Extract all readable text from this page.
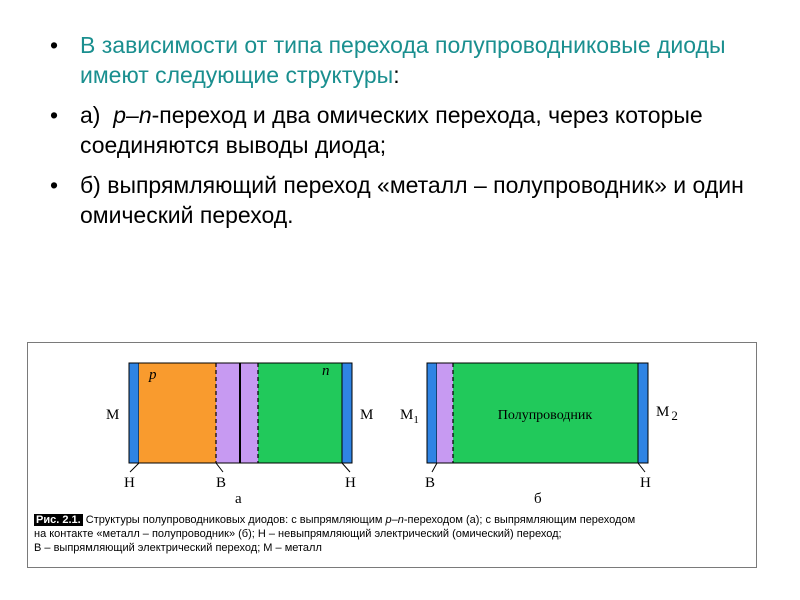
• В зависимости от типа перехода полупроводниковые диоды имеют следующие структуры:
• а)  p–n-переход и два омических перехода, через которые соединяются выводы диода;
• б) выпрямляющий переход «металл – полупроводник» и один омический переход.
p	n
М	М
Н	В	Н
а
$М_1$	М 2
Полупроводник
В	Н
б
Рис. 2.1. Структуры полупроводниковых диодов: с выпрямляющим p–n-переходом (а); с выпрямляющим переходом
на контакте «металл – полупроводник» (б); Н – невыпрямляющий электрический (омический) переход;
В – выпрямляющий электрический переход; М – металл
